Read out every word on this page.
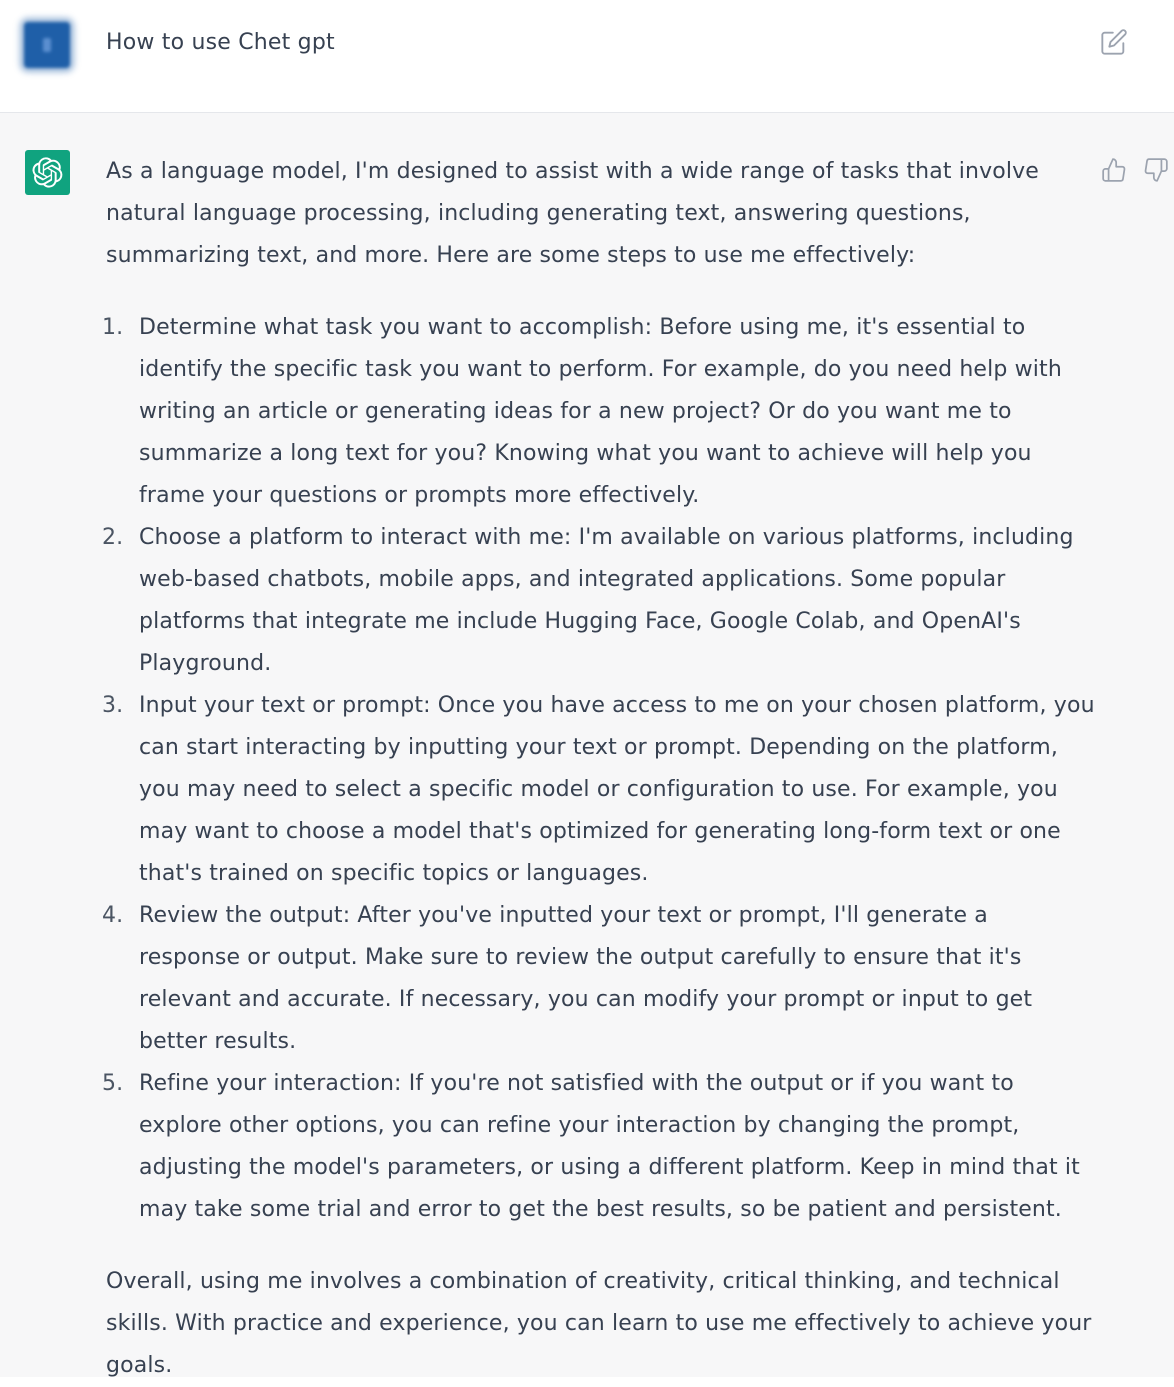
How to use Chet gpt

As a language model, I'm designed to assist with a wide range of tasks that involve natural language processing, including generating text, answering questions, summarizing text, and more. Here are some steps to use me effectively:

1. Determine what task you want to accomplish: Before using me, it's essential to identify the specific task you want to perform. For example, do you need help with writing an article or generating ideas for a new project? Or do you want me to summarize a long text for you? Knowing what you want to achieve will help you frame your questions or prompts more effectively.
2. Choose a platform to interact with me: I'm available on various platforms, including web-based chatbots, mobile apps, and integrated applications. Some popular platforms that integrate me include Hugging Face, Google Colab, and OpenAI's Playground.
3. Input your text or prompt: Once you have access to me on your chosen platform, you can start interacting by inputting your text or prompt. Depending on the platform, you may need to select a specific model or configuration to use. For example, you may want to choose a model that's optimized for generating long-form text or one that's trained on specific topics or languages.
4. Review the output: After you've inputted your text or prompt, I'll generate a response or output. Make sure to review the output carefully to ensure that it's relevant and accurate. If necessary, you can modify your prompt or input to get better results.
5. Refine your interaction: If you're not satisfied with the output or if you want to explore other options, you can refine your interaction by changing the prompt, adjusting the model's parameters, or using a different platform. Keep in mind that it may take some trial and error to get the best results, so be patient and persistent.

Overall, using me involves a combination of creativity, critical thinking, and technical skills. With practice and experience, you can learn to use me effectively to achieve your goals.
